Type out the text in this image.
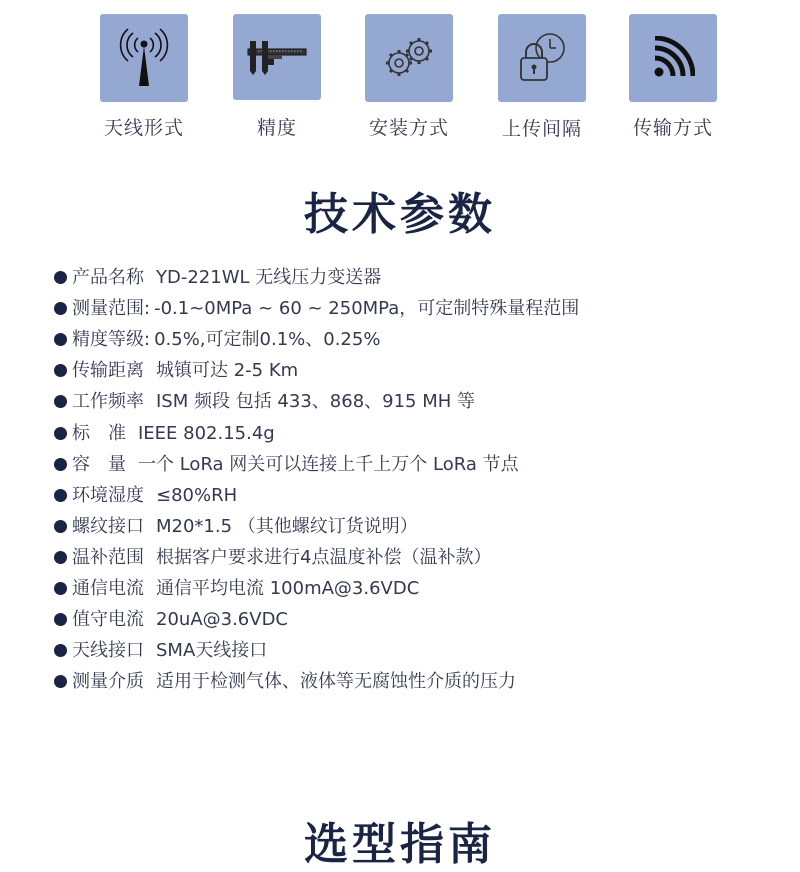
天线形式	精度	安装方式	上传间隔	传输方式
技术参数
产品名称 YD-221WL 无线压力变送器
测量范围: -0.1~0MPa ~ 60 ~ 250MPa，可定制特殊量程范围
精度等级: 0.5%,可定制0.1%、0.25%
传输距离 城镇可达 2-5 Km
工作频率 ISM 频段 包括 433、868、915 MH 等
标　准 IEEE 802.15.4g
容　量 一个 LoRa 网关可以连接上千上万个 LoRa 节点
环境湿度 ≤80%RH
螺纹接口 M20*1.5 （其他螺纹订货说明）
温补范围 根据客户要求进行4点温度补偿（温补款）
通信电流 通信平均电流 100mA@3.6VDC
值守电流 20uA@3.6VDC
天线接口 SMA天线接口
测量介质 适用于检测气体、液体等无腐蚀性介质的压力
选型指南
